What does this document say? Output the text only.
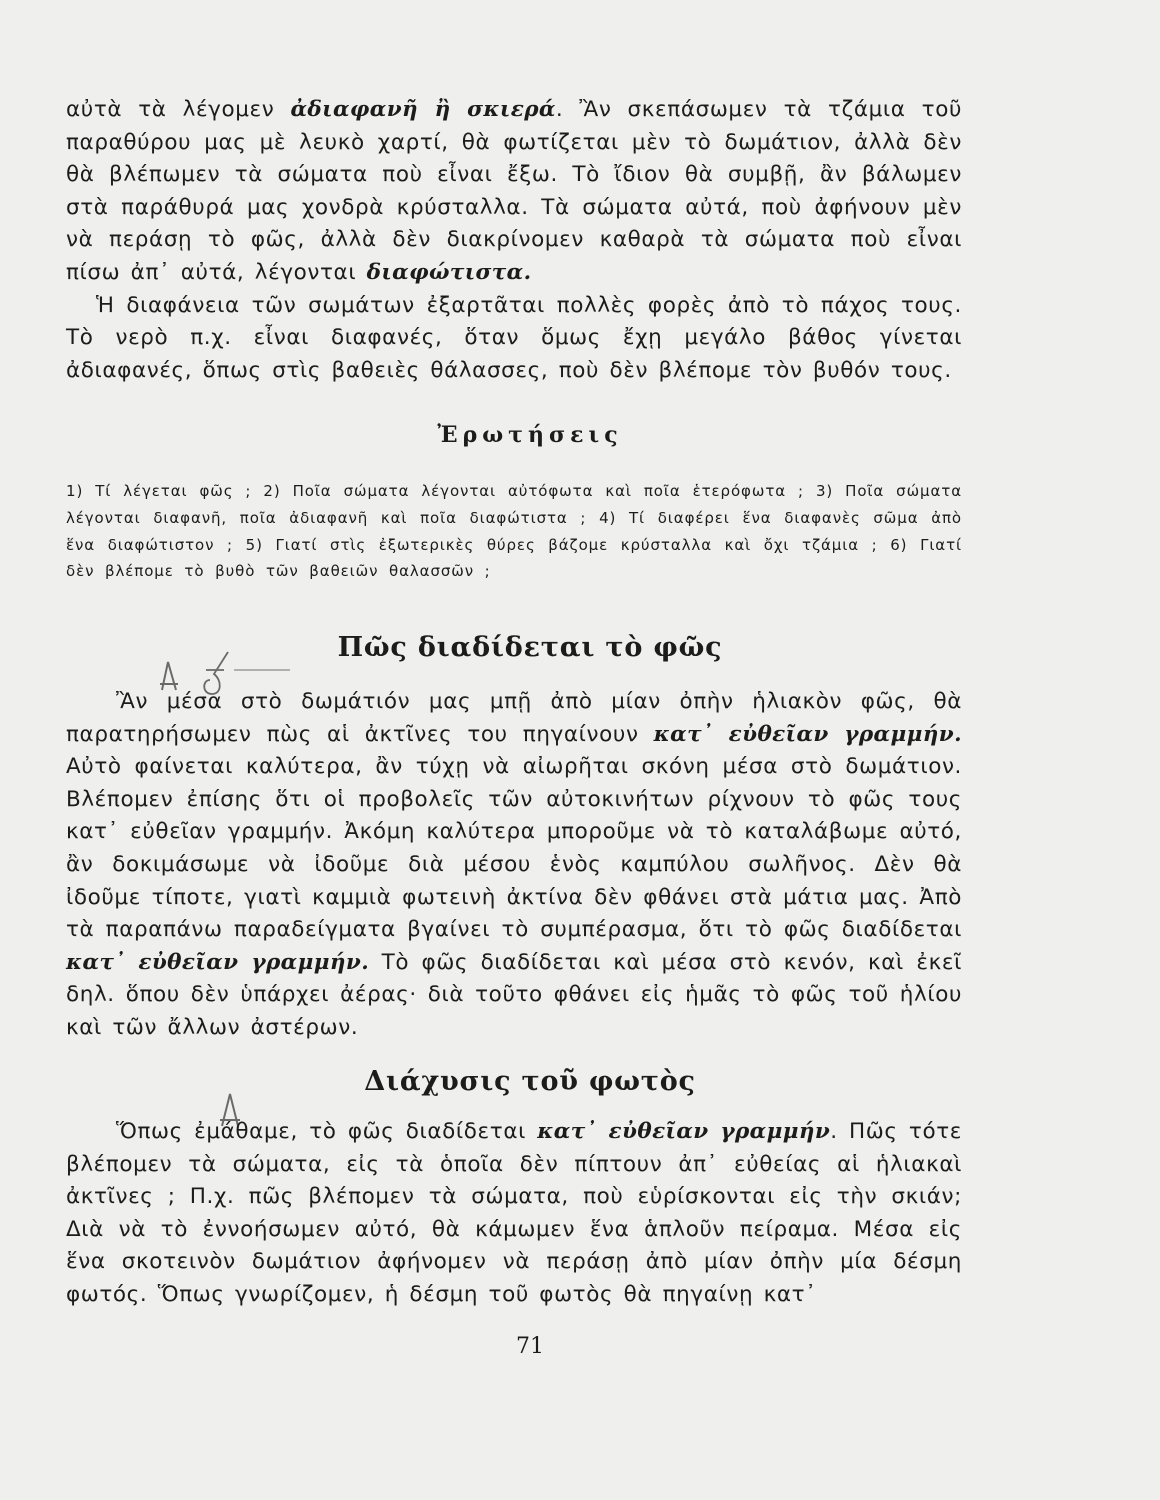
αὐτὰ τὰ λέγομεν ἀδιαφανῆ ἢ σκιερά. Ἂν σκεπάσωμεν τὰ τζάμια τοῦ παραθύρου μας μὲ λευκὸ χαρτί, θὰ φωτίζεται μὲν τὸ δωμάτιον, ἀλλὰ δὲν θὰ βλέπωμεν τὰ σώματα ποὺ εἶναι ἔξω. Τὸ ἴδιον θὰ συμβῇ, ἂν βάλωμεν στὰ παράθυρά μας χονδρὰ κρύσταλλα. Τὰ σώματα αὐτά, ποὺ ἀφήνουν μὲν νὰ περάσῃ τὸ φῶς, ἀλλὰ δὲν διακρίνομεν καθαρὰ τὰ σώματα ποὺ εἶναι πίσω ἀπ᾽ αὐτά, λέγονται διαφώτιστα.

Ἡ διαφάνεια τῶν σωμάτων ἐξαρτᾶται πολλὲς φορὲς ἀπὸ τὸ πάχος τους. Τὸ νερὸ π.χ. εἶναι διαφανές, ὅταν ὅμως ἔχῃ μεγάλο βάθος γίνεται ἀδιαφανές, ὅπως στὶς βαθειὲς θάλασσες, ποὺ δὲν βλέπομε τὸν βυθόν τους.

Ἐρωτήσεις
1) Τί λέγεται φῶς ; 2) Ποῖα σώματα λέγονται αὐτόφωτα καὶ ποῖα ἑτερόφωτα ; 3) Ποῖα σώματα λέγονται διαφανῆ, ποῖα ἀδιαφανῆ καὶ ποῖα διαφώτιστα ; 4) Τί διαφέρει ἕνα διαφανὲς σῶμα ἀπὸ ἕνα διαφώτιστον ; 5) Γιατί στὶς ἐξωτερικὲς θύρες βάζομε κρύσταλλα καὶ ὄχι τζάμια ; 6) Γιατί δὲν βλέπομε τὸ βυθὸ τῶν βαθειῶν θαλασσῶν ;
Πῶς διαδίδεται τὸ φῶς

Ἂν μέσα στὸ δωμάτιόν μας μπῇ ἀπὸ μίαν ὀπὴν ἡλιακὸν φῶς, θὰ παρατηρήσωμεν πὼς αἱ ἀκτῖνες του πηγαίνουν κατ᾽ εὐθεῖαν γραμμήν. Αὐτὸ φαίνεται καλύτερα, ἂν τύχῃ νὰ αἰωρῆται σκόνη μέσα στὸ δωμάτιον. Βλέπομεν ἐπίσης ὅτι οἱ προβολεῖς τῶν αὐτοκινήτων ρίχνουν τὸ φῶς τους κατ᾽ εὐθεῖαν γραμμήν. Ἀκόμη καλύτερα μποροῦμε νὰ τὸ καταλάβωμε αὐτό, ἂν δοκιμάσωμε νὰ ἰδοῦμε διὰ μέσου ἑνὸς καμπύλου σωλῆνος. Δὲν θὰ ἰδοῦμε τίποτε, γιατὶ καμμιὰ φωτεινὴ ἀκτίνα δὲν φθάνει στὰ μάτια μας. Ἀπὸ τὰ παραπάνω παραδείγματα βγαίνει τὸ συμπέρασμα, ὅτι τὸ φῶς διαδίδεται κατ᾽ εὐθεῖαν γραμμήν. Τὸ φῶς διαδίδεται καὶ μέσα στὸ κενόν, καὶ ἐκεῖ δηλ. ὅπου δὲν ὑπάρχει ἀέρας· διὰ τοῦτο φθάνει εἰς ἡμᾶς τὸ φῶς τοῦ ἡλίου καὶ τῶν ἄλλων ἀστέρων.

Διάχυσις τοῦ φωτὸς

Ὅπως ἐμάθαμε, τὸ φῶς διαδίδεται κατ᾽ εὐθεῖαν γραμμήν. Πῶς τότε βλέπομεν τὰ σώματα, εἰς τὰ ὁποῖα δὲν πίπτουν ἀπ᾽ εὐθείας αἱ ἡλιακαὶ ἀκτῖνες ; Π.χ. πῶς βλέπομεν τὰ σώματα, ποὺ εὑρίσκονται εἰς τὴν σκιάν; Διὰ νὰ τὸ ἐννοήσωμεν αὐτό, θὰ κάμωμεν ἕνα ἁπλοῦν πείραμα. Μέσα εἰς ἕνα σκοτεινὸν δωμάτιον ἀφήνομεν νὰ περάσῃ ἀπὸ μίαν ὀπὴν μία δέσμη φωτός. Ὅπως γνωρίζομεν, ἡ δέσμη τοῦ φωτὸς θὰ πηγαίνῃ κατ᾽

71
